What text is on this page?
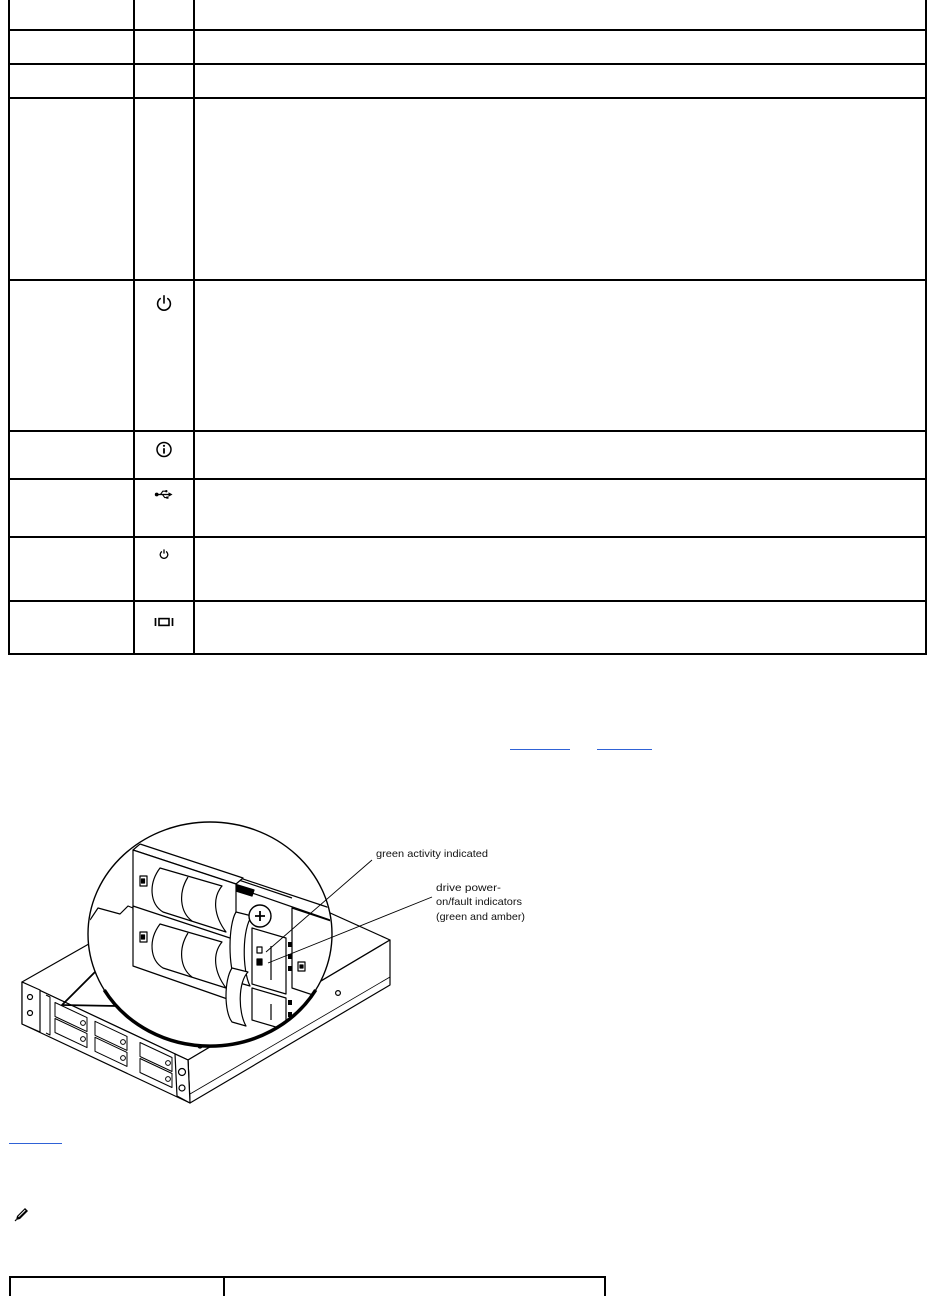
green activity indicated
drive power-
on/fault indicators
(green and amber)
